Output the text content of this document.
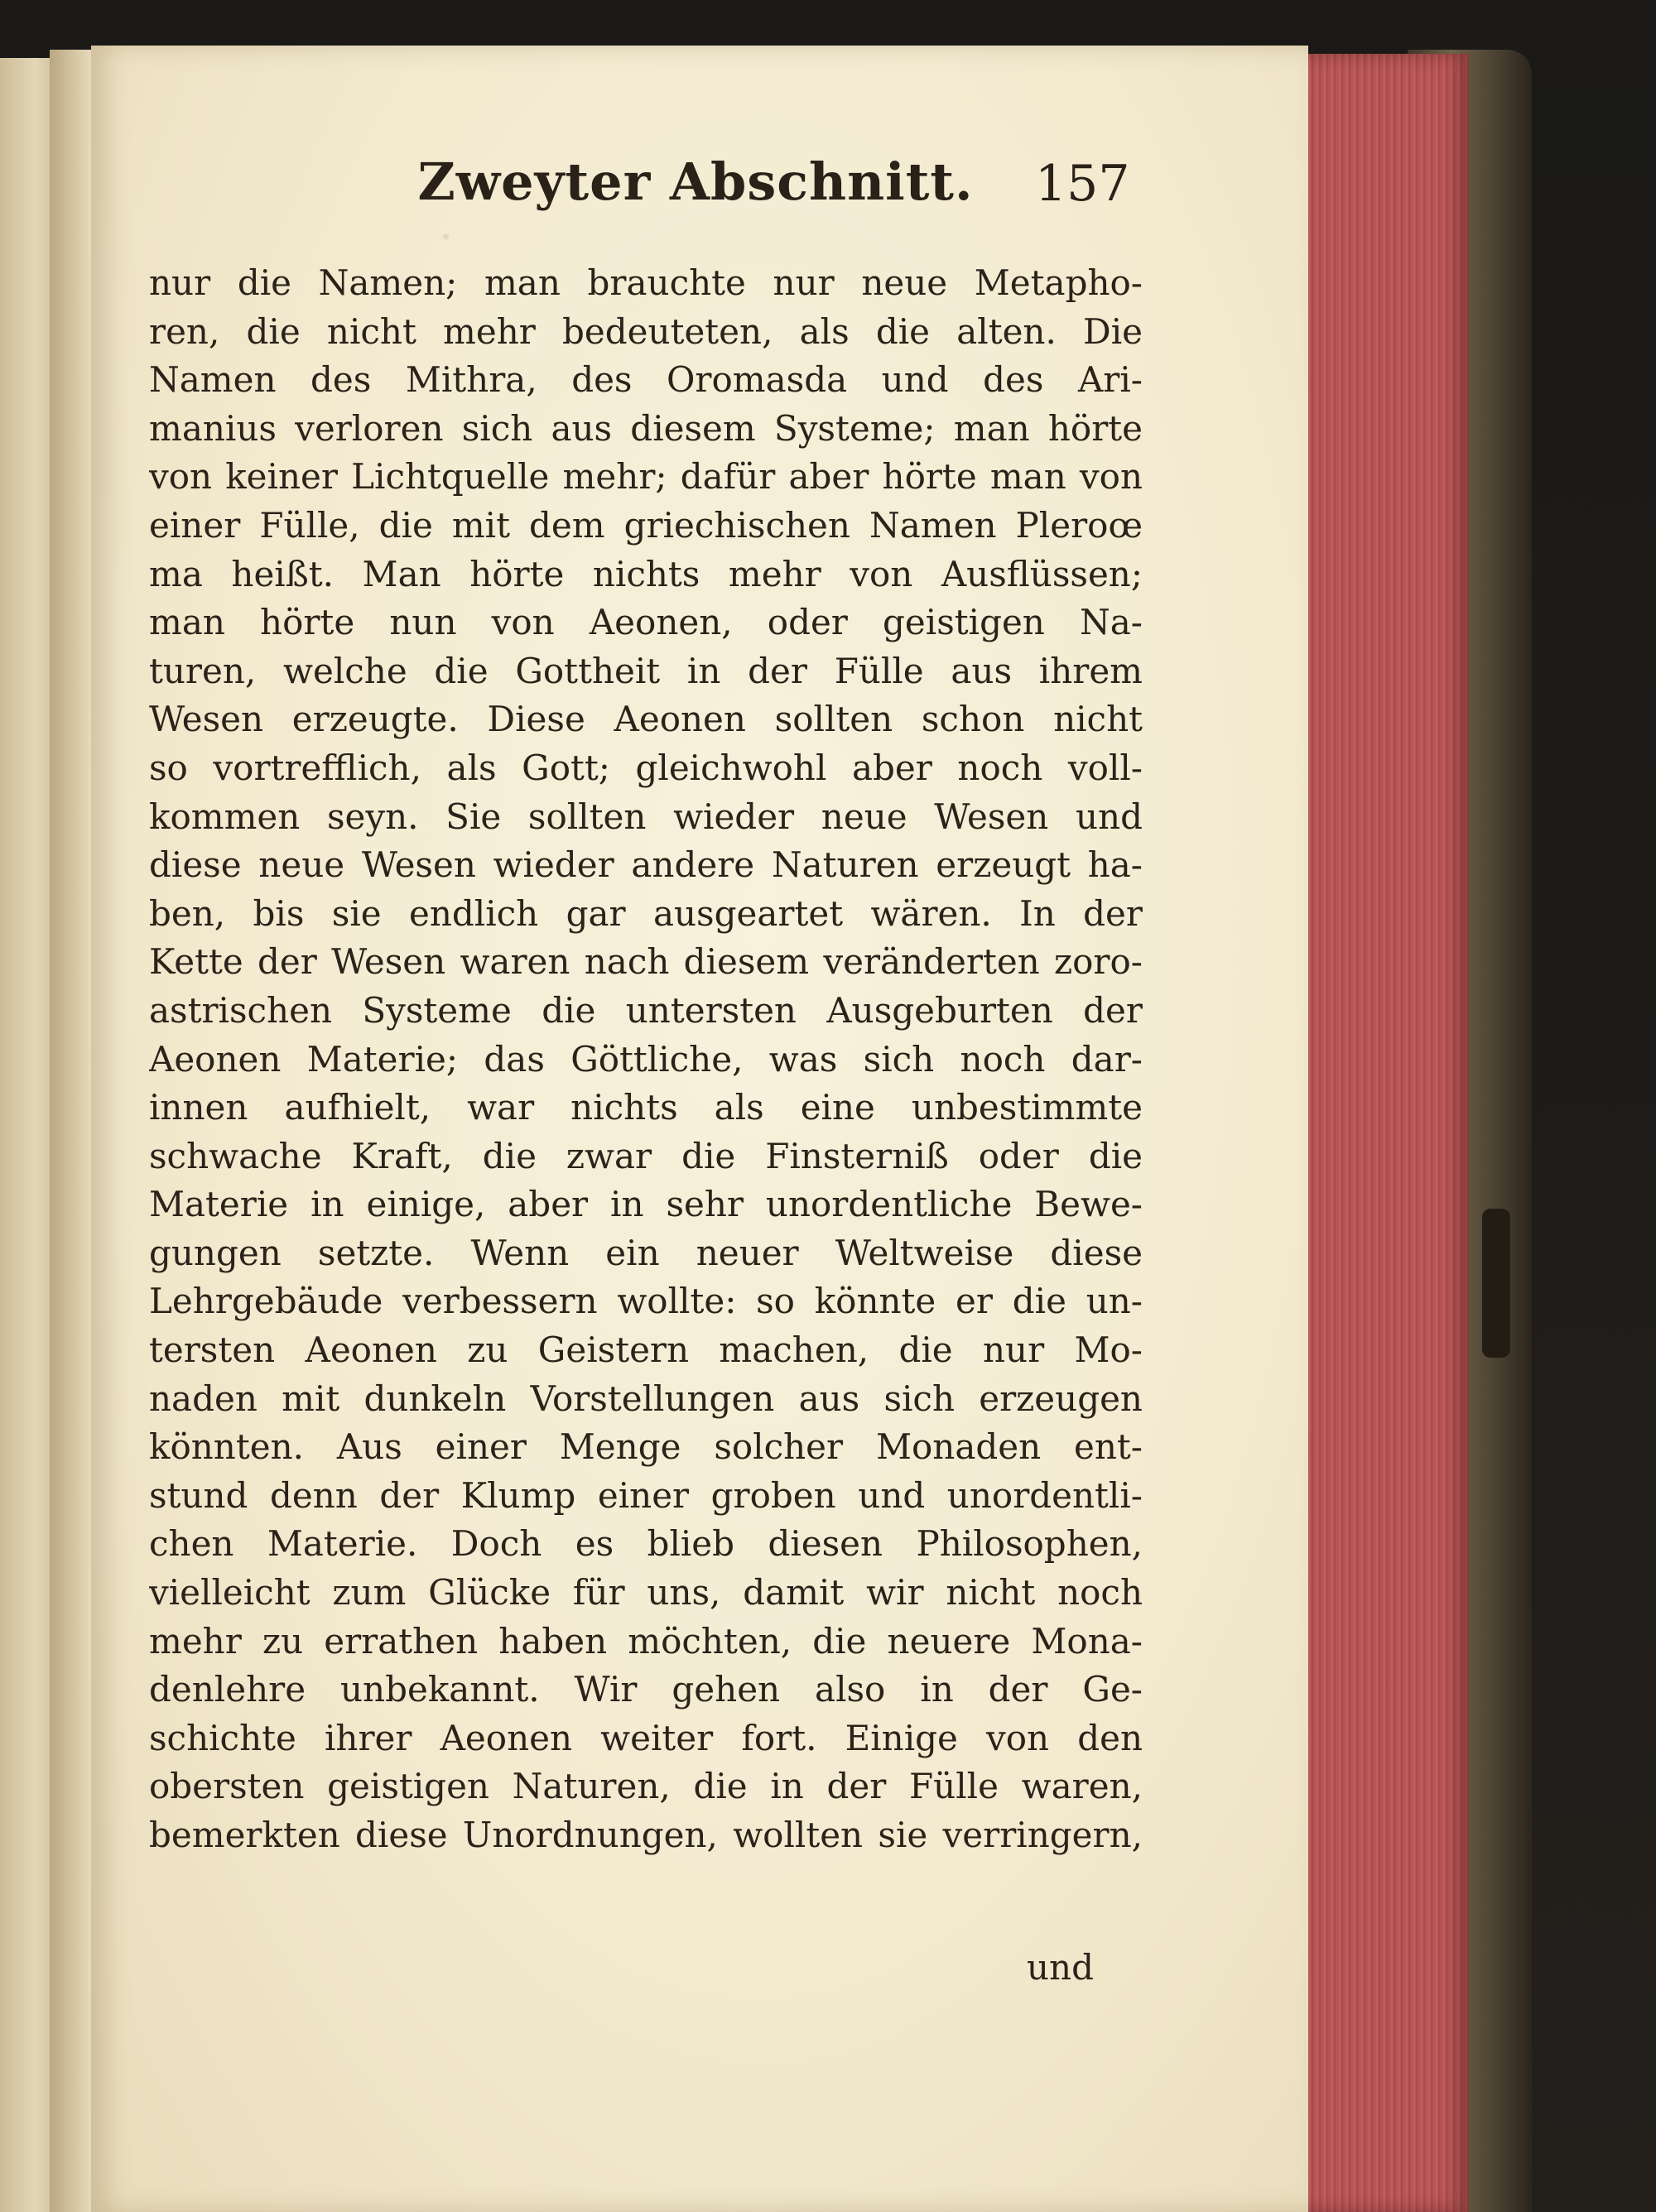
·
Zweyter Abschnitt.	157
nur die Namen; man brauchte nur neue Metapho-
ren, die nicht mehr bedeuteten, als die alten. Die
Namen des Mithra, des Oromasda und des Ari-
manius verloren sich aus diesem Systeme; man hörte
von keiner Lichtquelle mehr; dafür aber hörte man von
einer Fülle, die mit dem griechischen Namen Pleroœ
ma heißt. Man hörte nichts mehr von Ausflüssen;
man hörte nun von Aeonen, oder geistigen Na-
turen, welche die Gottheit in der Fülle aus ihrem
Wesen erzeugte. Diese Aeonen sollten schon nicht
so vortrefflich, als Gott; gleichwohl aber noch voll-
kommen seyn. Sie sollten wieder neue Wesen und
diese neue Wesen wieder andere Naturen erzeugt ha-
ben, bis sie endlich gar ausgeartet wären. In der
Kette der Wesen waren nach diesem veränderten zoro-
astrischen Systeme die untersten Ausgeburten der
Aeonen Materie; das Göttliche, was sich noch dar-
innen aufhielt, war nichts als eine unbestimmte
schwache Kraft, die zwar die Finsterniß oder die
Materie in einige, aber in sehr unordentliche Bewe-
gungen setzte. Wenn ein neuer Weltweise diese
Lehrgebäude verbessern wollte: so könnte er die un-
tersten Aeonen zu Geistern machen, die nur Mo-
naden mit dunkeln Vorstellungen aus sich erzeugen
könnten. Aus einer Menge solcher Monaden ent-
stund denn der Klump einer groben und unordentli-
chen Materie. Doch es blieb diesen Philosophen,
vielleicht zum Glücke für uns, damit wir nicht noch
mehr zu errathen haben möchten, die neuere Mona-
denlehre unbekannt. Wir gehen also in der Ge-
schichte ihrer Aeonen weiter fort. Einige von den
obersten geistigen Naturen, die in der Fülle waren,
bemerkten diese Unordnungen, wollten sie verringern,
und
